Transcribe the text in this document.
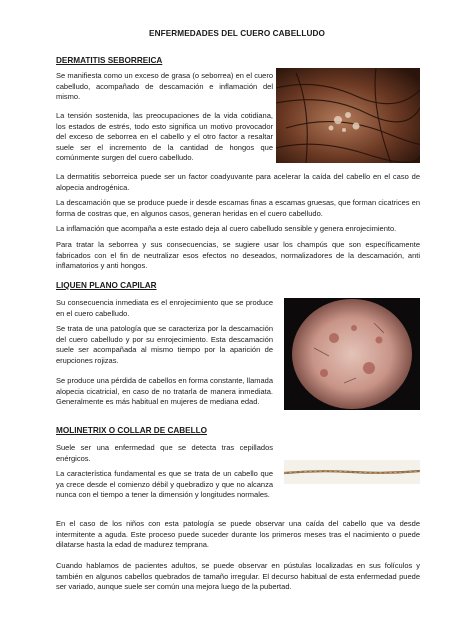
ENFERMEDADES DEL CUERO CABELLUDO
DERMATITIS SEBORREICA

Se manifiesta como un exceso de grasa (o seborrea) en el cuero cabelludo, acompañado de descamación e inflamación del mismo.

La tensión sostenida, las preocupaciones de la vida cotidiana, los estados de estrés, todo esto significa un motivo provocador del exceso de seborrea en el cabello y el otro factor a resaltar suele ser el incremento de la cantidad de hongos que comúnmente surgen del cuero cabelludo.

La dermatitis seborreica puede ser un factor coadyuvante para acelerar la caída del cabello en el caso de alopecia androgénica.

La descamación que se produce puede ir desde escamas finas a escamas gruesas, que forman cicatrices en forma de costras que, en algunos casos, generan heridas en el cuero cabelludo.

La inflamación que acompaña a este estado deja al cuero cabelludo sensible y genera enrojecimiento.

Para tratar la seborrea y sus consecuencias, se sugiere usar los champús que son específicamente fabricados con el fin de neutralizar esos efectos no deseados, normalizadores de la descamación, anti inflamatorios y anti hongos.

LIQUEN PLANO CAPILAR

Su consecuencia inmediata es el enrojecimiento que se produce en el cuero cabelludo.

Se trata de una patología que se caracteriza por la descamación del cuero cabelludo y por su enrojecimiento. Esta descamación suele ser acompañada al mismo tiempo por la aparición de erupciones rojizas.

Se produce una pérdida de cabellos en forma constante, llamada alopecia cicatricial, en caso de no tratarla de manera inmediata. Generalmente es más habitual en mujeres de mediana edad.

MOLINETRIX O COLLAR DE CABELLO

Suele ser una enfermedad que se detecta tras cepillados enérgicos.

La característica fundamental es que se trata de un cabello que ya crece desde el comienzo débil y quebradizo y que no alcanza nunca con el tiempo a tener la dimensión y longitudes normales.

En el caso de los niños con esta patología se puede observar una caída del cabello que va desde intermitente a aguda. Este proceso puede suceder durante los primeros meses tras el nacimiento o puede dilatarse hasta la edad de madurez temprana.

Cuando hablamos de pacientes adultos, se puede observar en pústulas localizadas en sus folículos y también en algunos cabellos quebrados de tamaño irregular. El decurso habitual de esta enfermedad puede ser variado, aunque suele ser común una mejora luego de la pubertad.
